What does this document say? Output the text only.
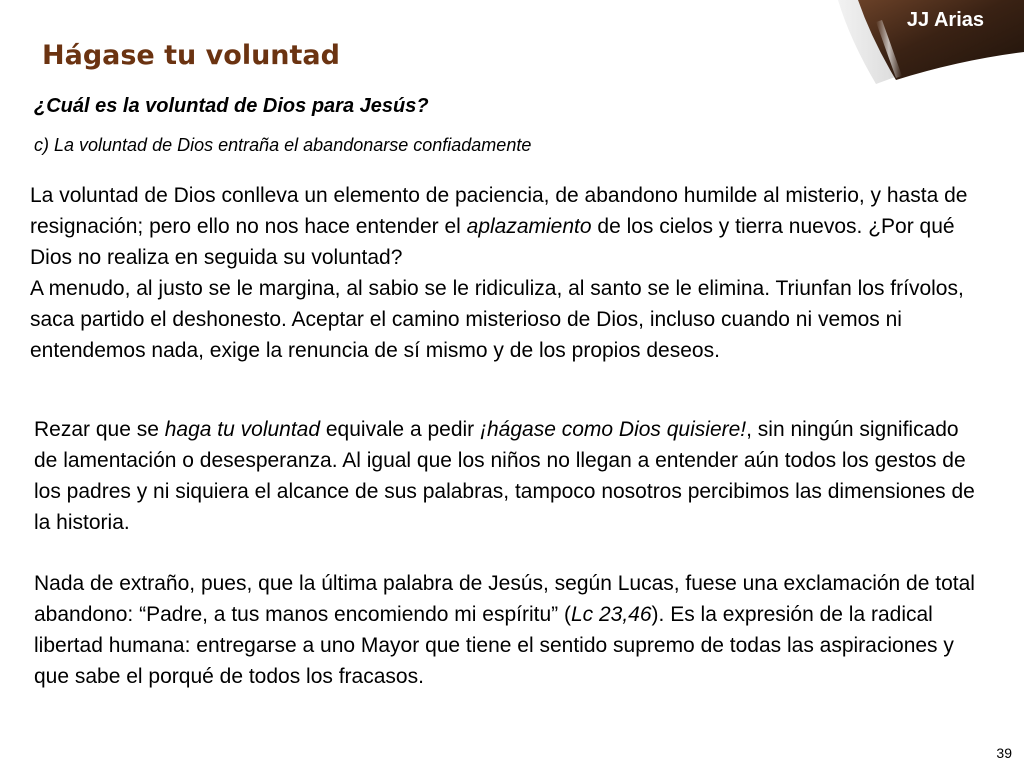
JJ Arias
Hágase tu voluntad
¿Cuál es la voluntad de Dios para Jesús?
c) La voluntad de Dios entraña el abandonarse confiadamente

La voluntad de Dios conlleva un elemento de paciencia, de abandono humilde al misterio, y hasta de resignación; pero ello no nos hace entender el aplazamiento de los cielos y tierra nuevos. ¿Por qué Dios no realiza en seguida su voluntad?
A menudo, al justo se le margina, al sabio se le ridiculiza, al santo se le elimina. Triunfan los frívolos, saca partido el deshonesto. Aceptar el camino misterioso de Dios, incluso cuando ni vemos ni entendemos nada, exige la renuncia de sí mismo y de los propios deseos.

Rezar que se haga tu voluntad equivale a pedir ¡hágase como Dios quisiere!, sin ningún significado de lamentación o desesperanza. Al igual que los niños no llegan a entender aún todos los gestos de los padres y ni siquiera el alcance de sus palabras, tampoco nosotros percibimos las dimensiones de la historia.

Nada de extraño, pues, que la última palabra de Jesús, según Lucas, fuese una exclamación de total abandono: “Padre, a tus manos encomiendo mi espíritu” (Lc 23,46). Es la expresión de la radical libertad humana: entregarse a uno Mayor que tiene el sentido supremo de todas las aspiraciones y que sabe el porqué de todos los fracasos.

39
